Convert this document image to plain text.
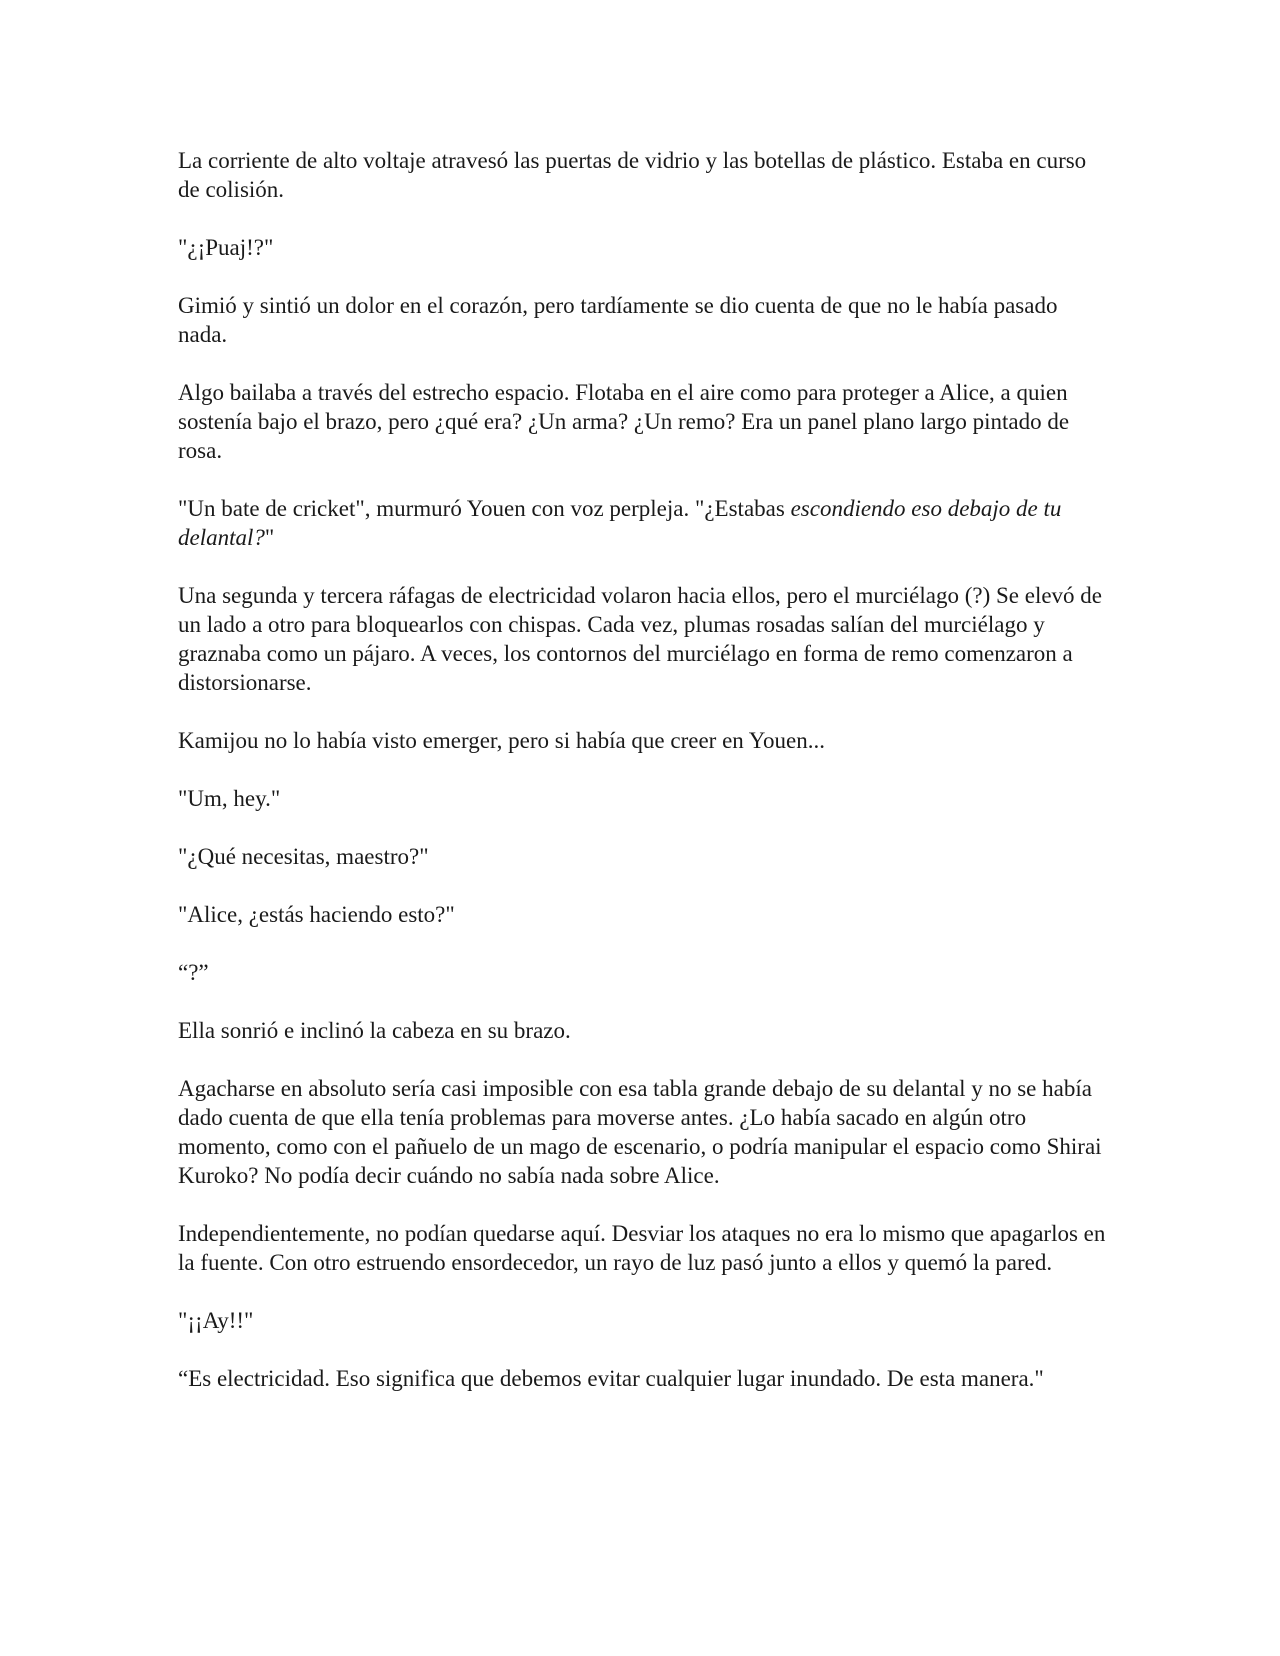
La corriente de alto voltaje atravesó las puertas de vidrio y las botellas de plástico. Estaba en curso de colisión.

"¿¡Puaj!?"

Gimió y sintió un dolor en el corazón, pero tardíamente se dio cuenta de que no le había pasado nada.

Algo bailaba a través del estrecho espacio. Flotaba en el aire como para proteger a Alice, a quien sostenía bajo el brazo, pero ¿qué era? ¿Un arma? ¿Un remo? Era un panel plano largo pintado de rosa.

"Un bate de cricket", murmuró Youen con voz perpleja. "¿Estabas escondiendo eso debajo de tu delantal?"

Una segunda y tercera ráfagas de electricidad volaron hacia ellos, pero el murciélago (?) Se elevó de un lado a otro para bloquearlos con chispas. Cada vez, plumas rosadas salían del murciélago y graznaba como un pájaro. A veces, los contornos del murciélago en forma de remo comenzaron a distorsionarse.

Kamijou no lo había visto emerger, pero si había que creer en Youen...

"Um, hey."

"¿Qué necesitas, maestro?"

"Alice, ¿estás haciendo esto?"

“?”

Ella sonrió e inclinó la cabeza en su brazo.

Agacharse en absoluto sería casi imposible con esa tabla grande debajo de su delantal y no se había dado cuenta de que ella tenía problemas para moverse antes. ¿Lo había sacado en algún otro momento, como con el pañuelo de un mago de escenario, o podría manipular el espacio como Shirai Kuroko? No podía decir cuándo no sabía nada sobre Alice.

Independientemente, no podían quedarse aquí. Desviar los ataques no era lo mismo que apagarlos en la fuente. Con otro estruendo ensordecedor, un rayo de luz pasó junto a ellos y quemó la pared.

"¡¡Ay!!"

“Es electricidad. Eso significa que debemos evitar cualquier lugar inundado. De esta manera."
